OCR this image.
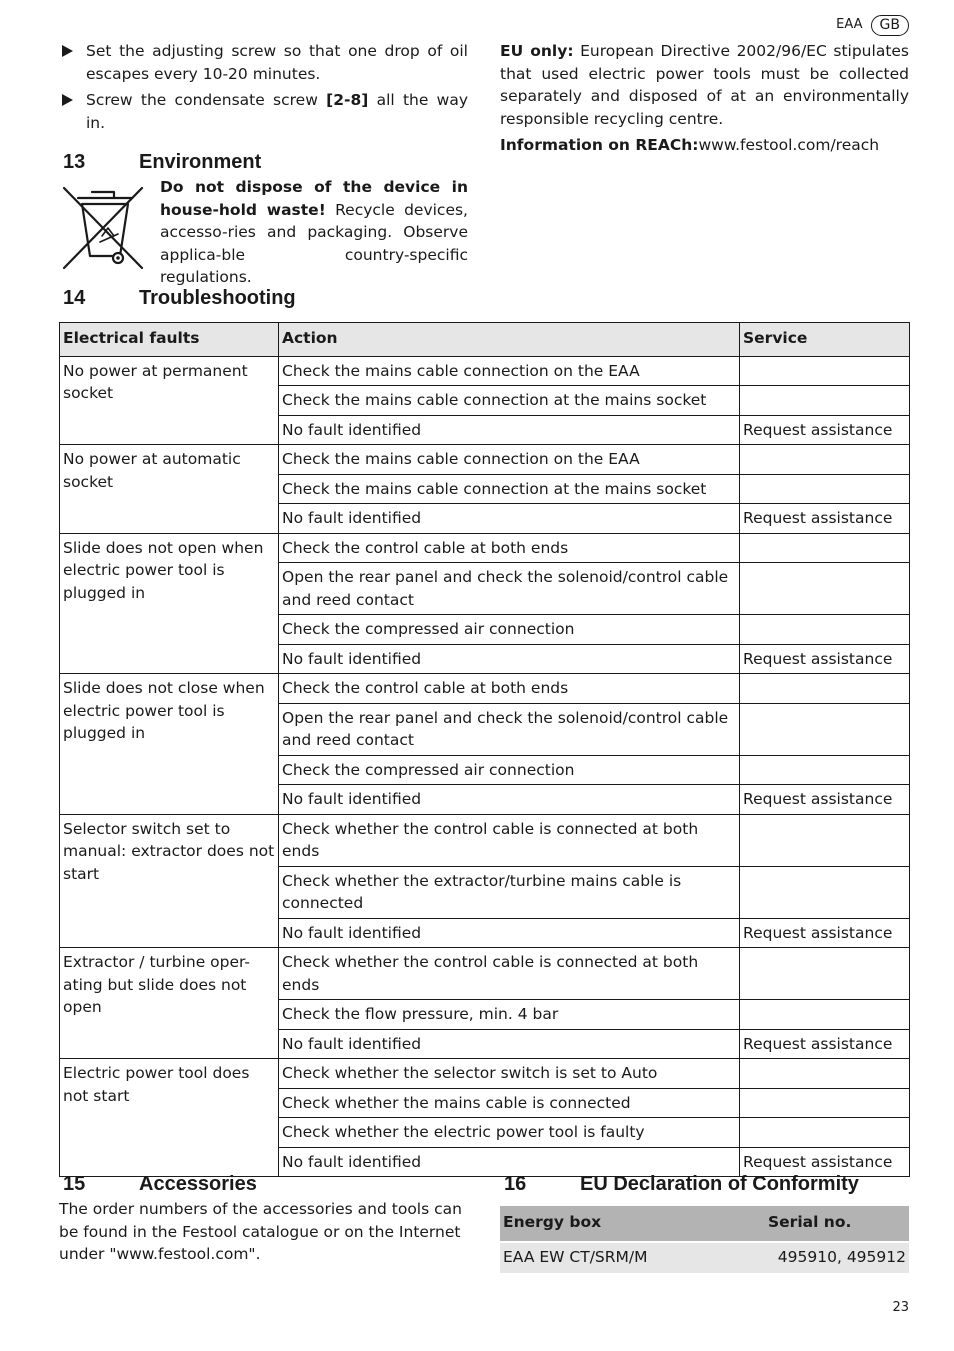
EAA	GB
Set the adjusting screw so that one drop of oil escapes every 10-20 minutes.
Screw the condensate screw [2-8] all the way in.
EU only: European Directive 2002/96/EC stipulates that used electric power tools must be collected separately and disposed of at an environmentally responsible recycling centre.
Information on REACh:www.festool.com/reach
13	Environment
Do not dispose of the device in house-hold waste! Recycle devices, accesso-ries and packaging. Observe applica-ble country-specific regulations.
14	Troubleshooting
Electrical faults	Action	Service
No power at permanent socket	Check the mains cable connection on the EAA	
	Check the mains cable connection at the mains socket	
	No fault identified	Request assistance
No power at automatic socket	Check the mains cable connection on the EAA	
	Check the mains cable connection at the mains socket	
	No fault identified	Request assistance
Slide does not open when electric power tool is plugged in	Check the control cable at both ends	
	Open the rear panel and check the solenoid/control cable and reed contact	
	Check the compressed air connection	
	No fault identified	Request assistance
Slide does not close when electric power tool is plugged in	Check the control cable at both ends	
	Open the rear panel and check the solenoid/control cable and reed contact	
	Check the compressed air connection	
	No fault identified	Request assistance
Selector switch set to manual: extractor does not start	Check whether the control cable is connected at both ends	
	Check whether the extractor/turbine mains cable is connected	
	No fault identified	Request assistance
Extractor / turbine oper-ating but slide does not open	Check whether the control cable is connected at both ends	
	Check the flow pressure, min. 4 bar	
	No fault identified	Request assistance
Electric power tool does not start	Check whether the selector switch is set to Auto	
	Check whether the mains cable is connected	
	Check whether the electric power tool is faulty	
	No fault identified	Request assistance
15	Accessories
The order numbers of the accessories and tools can be found in the Festool catalogue or on the Internet under "www.festool.com".
16	EU Declaration of Conformity
Energy box	Serial no.
EAA EW CT/SRM/M	495910, 495912
23
